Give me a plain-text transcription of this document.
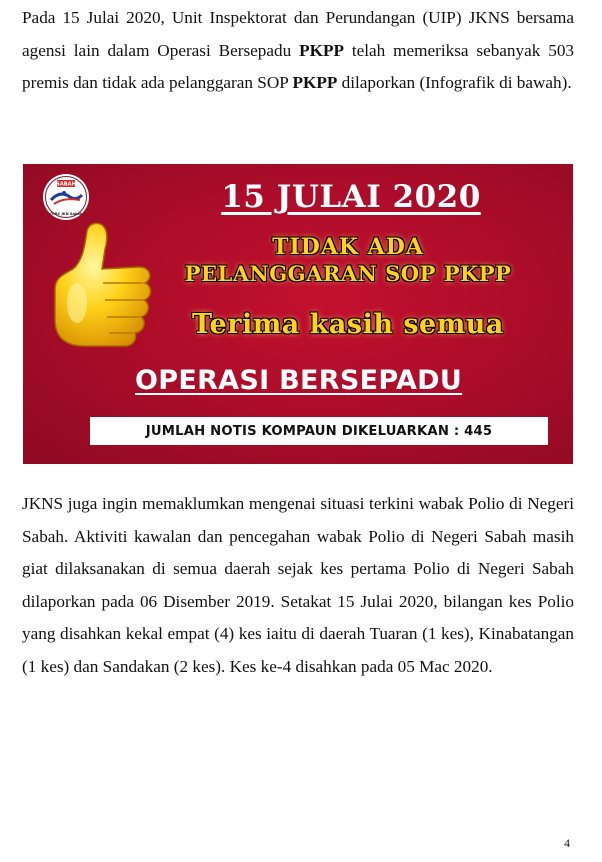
Pada 15 Julai 2020, Unit Inspektorat dan Perundangan (UIP) JKNS bersama agensi lain dalam Operasi Bersepadu PKPP telah memeriksa sebanyak 503 premis dan tidak ada pelanggaran SOP PKPP dilaporkan (Infografik di bawah).

SABAH
CPRC JKN Sabah	15 JULAI 2020

TIDAK ADA

PELANGGARAN SOP PKPP

Terima kasih semua

OPERASI BERSEPADU

JUMLAH NOTIS KOMPAUN DIKELUARKAN : 445

JKNS juga ingin memaklumkan mengenai situasi terkini wabak Polio di Negeri Sabah. Aktiviti kawalan dan pencegahan wabak Polio di Negeri Sabah masih giat dilaksanakan di semua daerah sejak kes pertama Polio di Negeri Sabah dilaporkan pada 06 Disember 2019. Setakat 15 Julai 2020, bilangan kes Polio yang disahkan kekal empat (4) kes iaitu di daerah Tuaran (1 kes), Kinabatangan (1 kes) dan Sandakan (2 kes). Kes ke-4 disahkan pada 05 Mac 2020.

4
